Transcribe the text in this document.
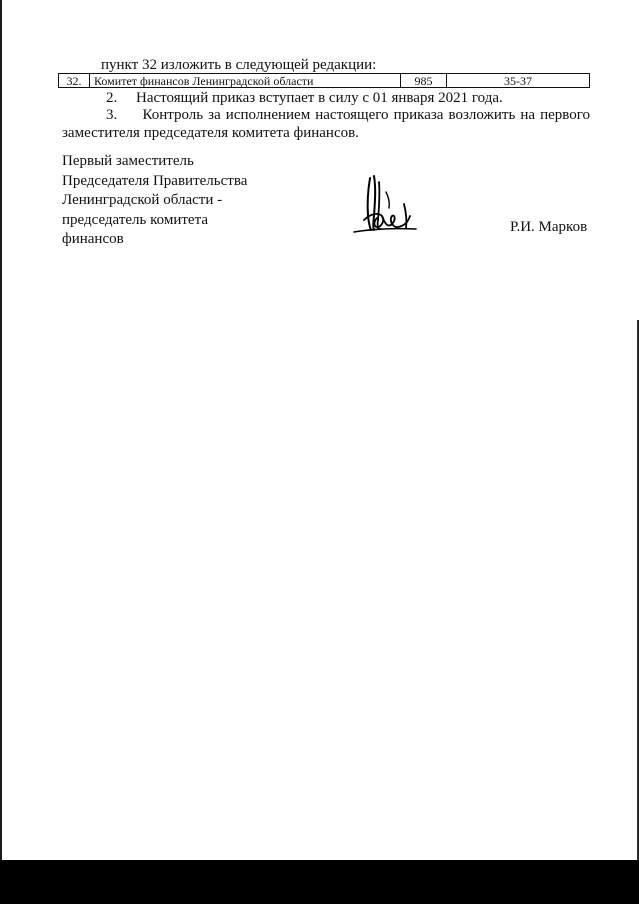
пункт 32 изложить в следующей редакции:
32.	Комитет финансов Ленинградской области	985	35-37
2. Настоящий приказ вступает в силу с 01 января 2021 года.
3. Контроль за исполнением настоящего приказа возложить на первого заместителя председателя комитета финансов.
Первый заместитель
Председателя Правительства
Ленинградской области -
председатель комитета
финансов
Р.И. Марков
